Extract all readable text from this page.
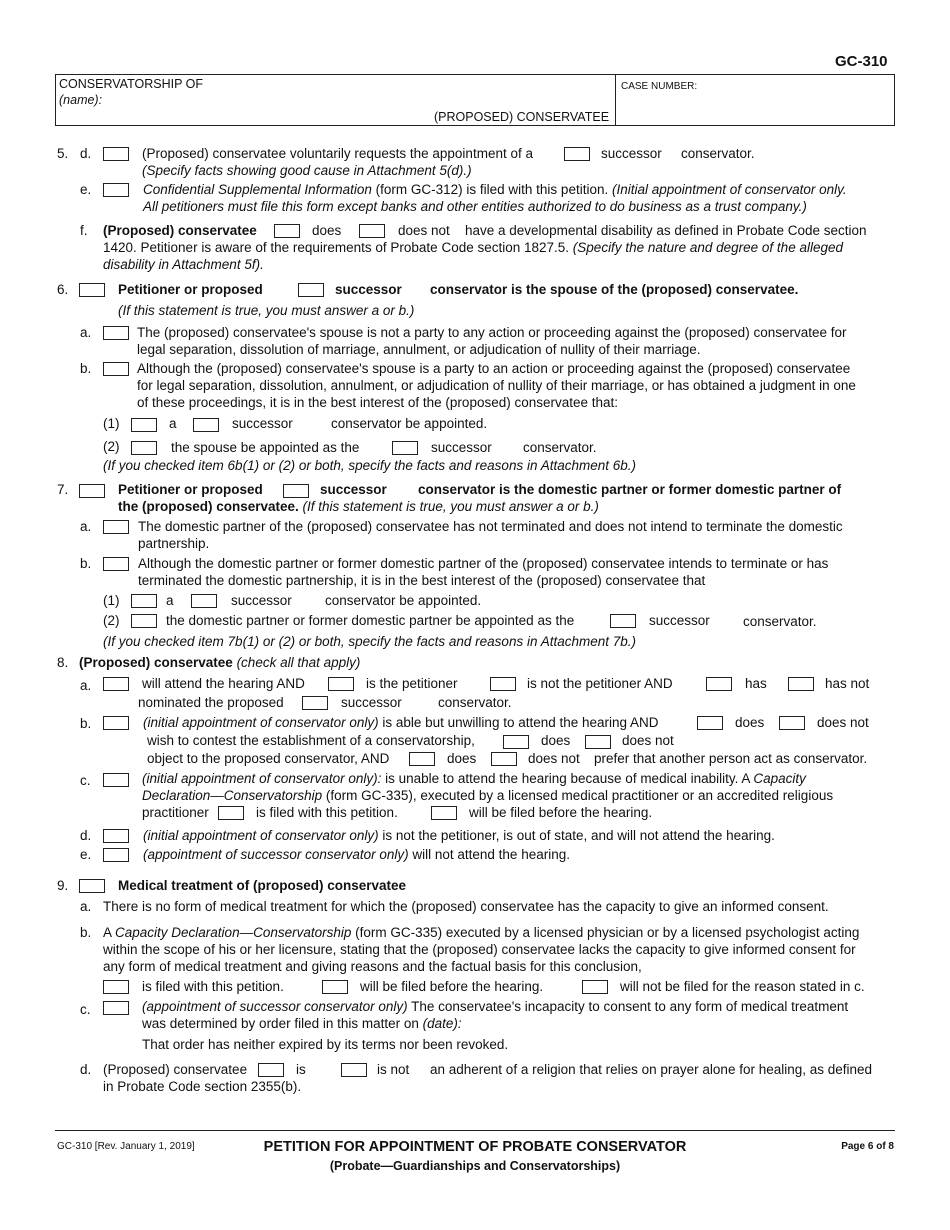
GC-310
CONSERVATORSHIP OF
(name):
(PROPOSED) CONSERVATEE
CASE NUMBER:
5. d.	(Proposed) conservatee voluntarily requests the appointment of a	successor conservator.
(Specify facts showing good cause in Attachment 5(d).)
e.	Confidential Supplemental Information (form GC-312) is filed with this petition. (Initial appointment of conservator only.
All petitioners must file this form except banks and other entities authorized to do business as a trust company.)
f. (Proposed) conservatee	does	does not have a developmental disability as defined in Probate Code section
1420. Petitioner is aware of the requirements of Probate Code section 1827.5. (Specify the nature and degree of the alleged
disability in Attachment 5f).
6.	Petitioner or proposed	successor conservator is the spouse of the (proposed) conservatee.
(If this statement is true, you must answer a or b.)
a.	The (proposed) conservatee's spouse is not a party to any action or proceeding against the (proposed) conservatee for
legal separation, dissolution of marriage, annulment, or adjudication of nullity of their marriage.
b.	Although the (proposed) conservatee's spouse is a party to an action or proceeding against the (proposed) conservatee
for legal separation, dissolution, annulment, or adjudication of nullity of their marriage, or has obtained a judgment in one
of these proceedings, it is in the best interest of the (proposed) conservatee that:
(1)	a	successor	conservator be appointed.
(2)	the spouse be appointed as the	successor conservator.
(If you checked item 6b(1) or (2) or both, specify the facts and reasons in Attachment 6b.)
7.	Petitioner or proposed	successor conservator is the domestic partner or former domestic partner of
the (proposed) conservatee. (If this statement is true, you must answer a or b.)
a.	The domestic partner of the (proposed) conservatee has not terminated and does not intend to terminate the domestic
partnership.
b.	Although the domestic partner or former domestic partner of the (proposed) conservatee intends to terminate or has
terminated the domestic partnership, it is in the best interest of the (proposed) conservatee that
(1)	a	successor conservator be appointed.
(2)	the domestic partner or former domestic partner be appointed as the	successor conservator.
(If you checked item 7b(1) or (2) or both, specify the facts and reasons in Attachment 7b.)
8. (Proposed) conservatee (check all that apply)
a.	will attend the hearing AND	is the petitioner	is not the petitioner AND	has	has not
nominated the proposed	successor	conservator.
b.	(initial appointment of conservator only) is able but unwilling to attend the hearing AND	does	does not
wish to contest the establishment of a conservatorship,	does	does not
object to the proposed conservator, AND	does	does not prefer that another person act as conservator.
c.	(initial appointment of conservator only): is unable to attend the hearing because of medical inability. A Capacity
Declaration—Conservatorship (form GC-335), executed by a licensed medical practitioner or an accredited religious
practitioner	is filed with this petition.	will be filed before the hearing.
d.	(initial appointment of conservator only) is not the petitioner, is out of state, and will not attend the hearing.
e.	(appointment of successor conservator only) will not attend the hearing.
9.	Medical treatment of (proposed) conservatee
a. There is no form of medical treatment for which the (proposed) conservatee has the capacity to give an informed consent.
b. A Capacity Declaration—Conservatorship (form GC-335) executed by a licensed physician or by a licensed psychologist acting
within the scope of his or her licensure, stating that the (proposed) conservatee lacks the capacity to give informed consent for
any form of medical treatment and giving reasons and the factual basis for this conclusion,
is filed with this petition.	will be filed before the hearing.	will not be filed for the reason stated in c.
c.	(appointment of successor conservator only) The conservatee's incapacity to consent to any form of medical treatment
was determined by order filed in this matter on (date):
That order has neither expired by its terms nor been revoked.
d. (Proposed) conservatee	is	is not an adherent of a religion that relies on prayer alone for healing, as defined
in Probate Code section 2355(b).
GC-310 [Rev. January 1, 2019]	PETITION FOR APPOINTMENT OF PROBATE CONSERVATOR
(Probate—Guardianships and Conservatorships)
Page 6 of 8
